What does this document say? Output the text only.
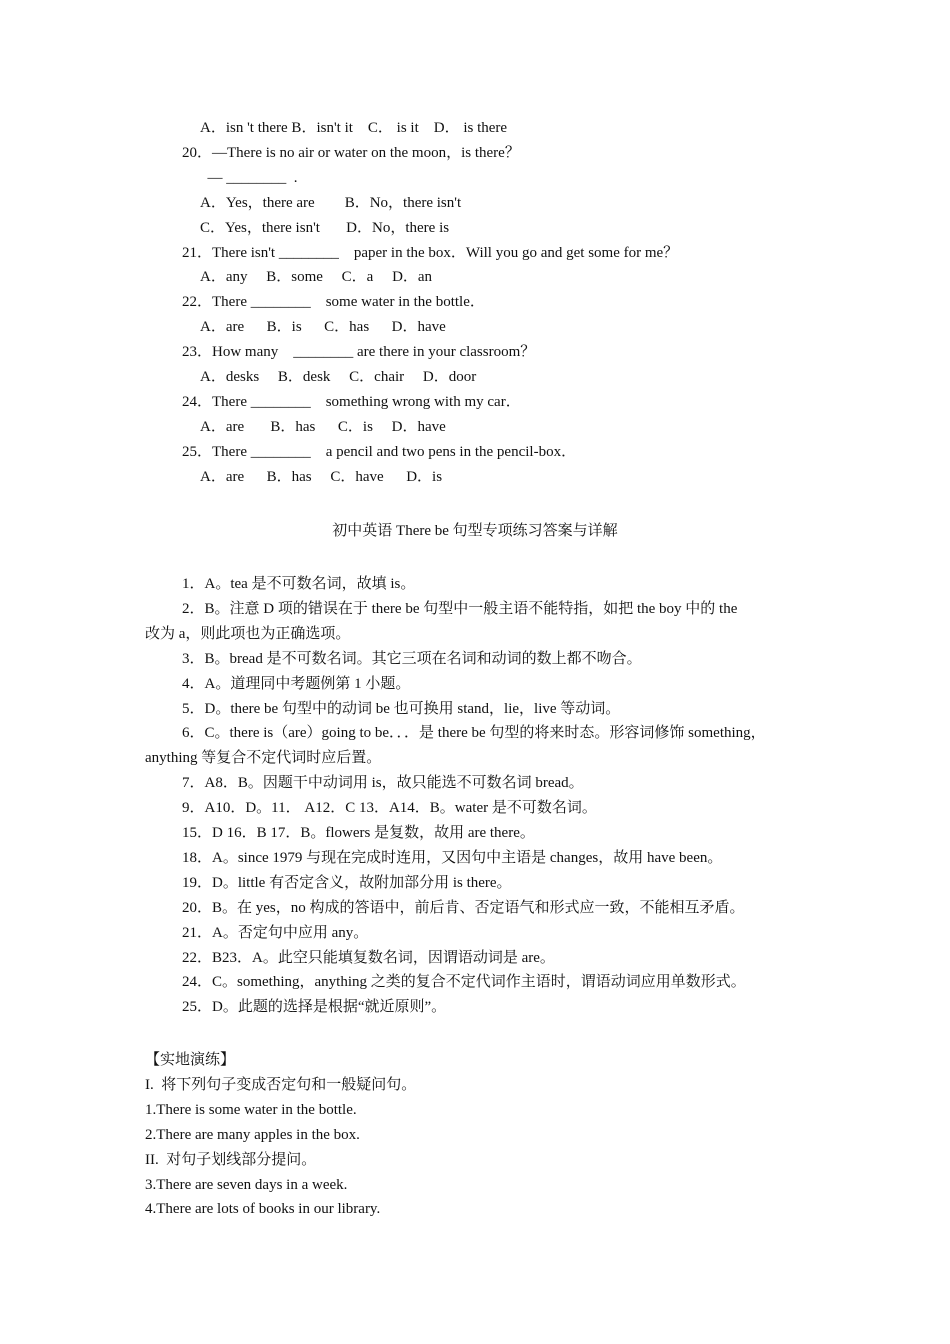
A．isn 't there B．isn't it    C． is it    D． is there
20．—There is no air or water on the moon，is there？
— ________  .
A．Yes，there are        B．No，there isn't
C．Yes，there isn't       D．No，there is
21．There isn't ________    paper in the box．Will you go and get some for me？
A．any     B．some     C．a     D．an
22．There ________    some water in the bottle．
A．are      B．is      C．has      D．have
23．How many    ________ are there in your classroom？
A．desks     B．desk     C．chair     D．door
24．There ________    something wrong with my car．
A．are       B．has      C．is     D．have
25．There ________    a pencil and two pens in the pencil-box．
A．are      B．has     C．have      D．is
初中英语 There be 句型专项练习答案与详解
1．A。tea 是不可数名词，故填 is。
2．B。注意 D 项的错误在于 there be 句型中一般主语不能特指，如把 the boy 中的 the
改为 a，则此项也为正确选项。
3．B。bread 是不可数名词。其它三项在名词和动词的数上都不吻合。
4．A。道理同中考题例第 1 小题。
5．D。there be 句型中的动词 be 也可换用 stand，lie，live 等动词。
6．C。there is（are）going to be．．．是 there be 句型的将来时态。形容词修饰 something，
anything 等复合不定代词时应后置。
7．A8．B。因题干中动词用 is，故只能选不可数名词 bread。
9．A10．D。11． A12．C 13．A14．B。water 是不可数名词。
15．D 16．B 17．B。flowers 是复数，故用 are there。
18．A。since 1979 与现在完成时连用，又因句中主语是 changes，故用 have been。
19．D。little 有否定含义，故附加部分用 is there。
20．B。在 yes，no 构成的答语中，前后肯、否定语气和形式应一致，不能相互矛盾。
21．A。否定句中应用 any。
22．B23．A。此空只能填复数名词，因谓语动词是 are。
24．C。something，anything 之类的复合不定代词作主语时，谓语动词应用单数形式。
25．D。此题的选择是根据“就近原则”。
【实地演练】
I.  将下列句子变成否定句和一般疑问句。
1.There is some water in the bottle.
2.There are many apples in the box.
II.  对句子划线部分提问。
3.There are seven days in a week.
4.There are lots of books in our library.
